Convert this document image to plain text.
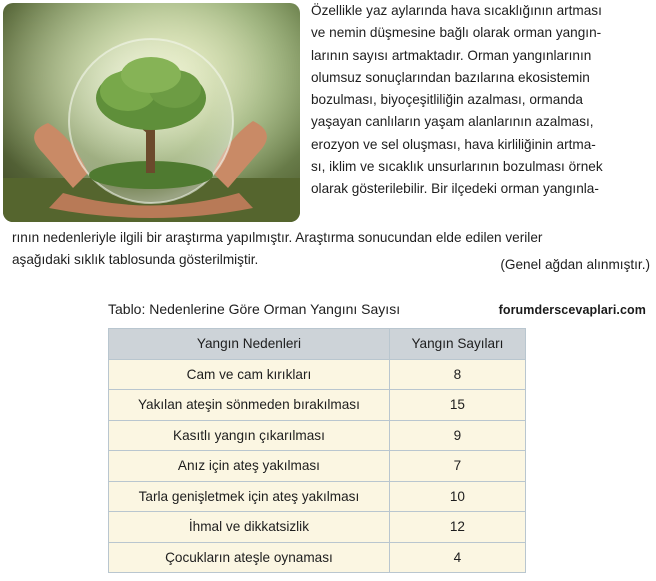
Özellikle yaz aylarında hava sıcaklığının artması
ve nemin düşmesine bağlı olarak orman yangın-
larının sayısı artmaktadır. Orman yangınlarının
olumsuz sonuçlarından bazılarına ekosistemin
bozulması, biyoçeşitliliğin azalması, ormanda
yaşayan canlıların yaşam alanlarının azalması,
erozyon ve sel oluşması, hava kirliliğinin artma-
sı, iklim ve sıcaklık unsurlarının bozulması örnek
olarak gösterilebilir. Bir ilçedeki orman yangınla-
rının nedenleriyle ilgili bir araştırma yapılmıştır. Araştırma sonucundan elde edilen veriler
aşağıdaki sıklık tablosunda gösterilmiştir.	(Genel ağdan alınmıştır.)
Tablo: Nedenlerine Göre Orman Yangını Sayısı	forumderscevaplari.com
Yangın Nedenleri	Yangın Sayıları
Cam ve cam kırıkları	8
Yakılan ateşin sönmeden bırakılması	15
Kasıtlı yangın çıkarılması	9
Anız için ateş yakılması	7
Tarla genişletmek için ateş yakılması	10
İhmal ve dikkatsizlik	12
Çocukların ateşle oynaması	4
